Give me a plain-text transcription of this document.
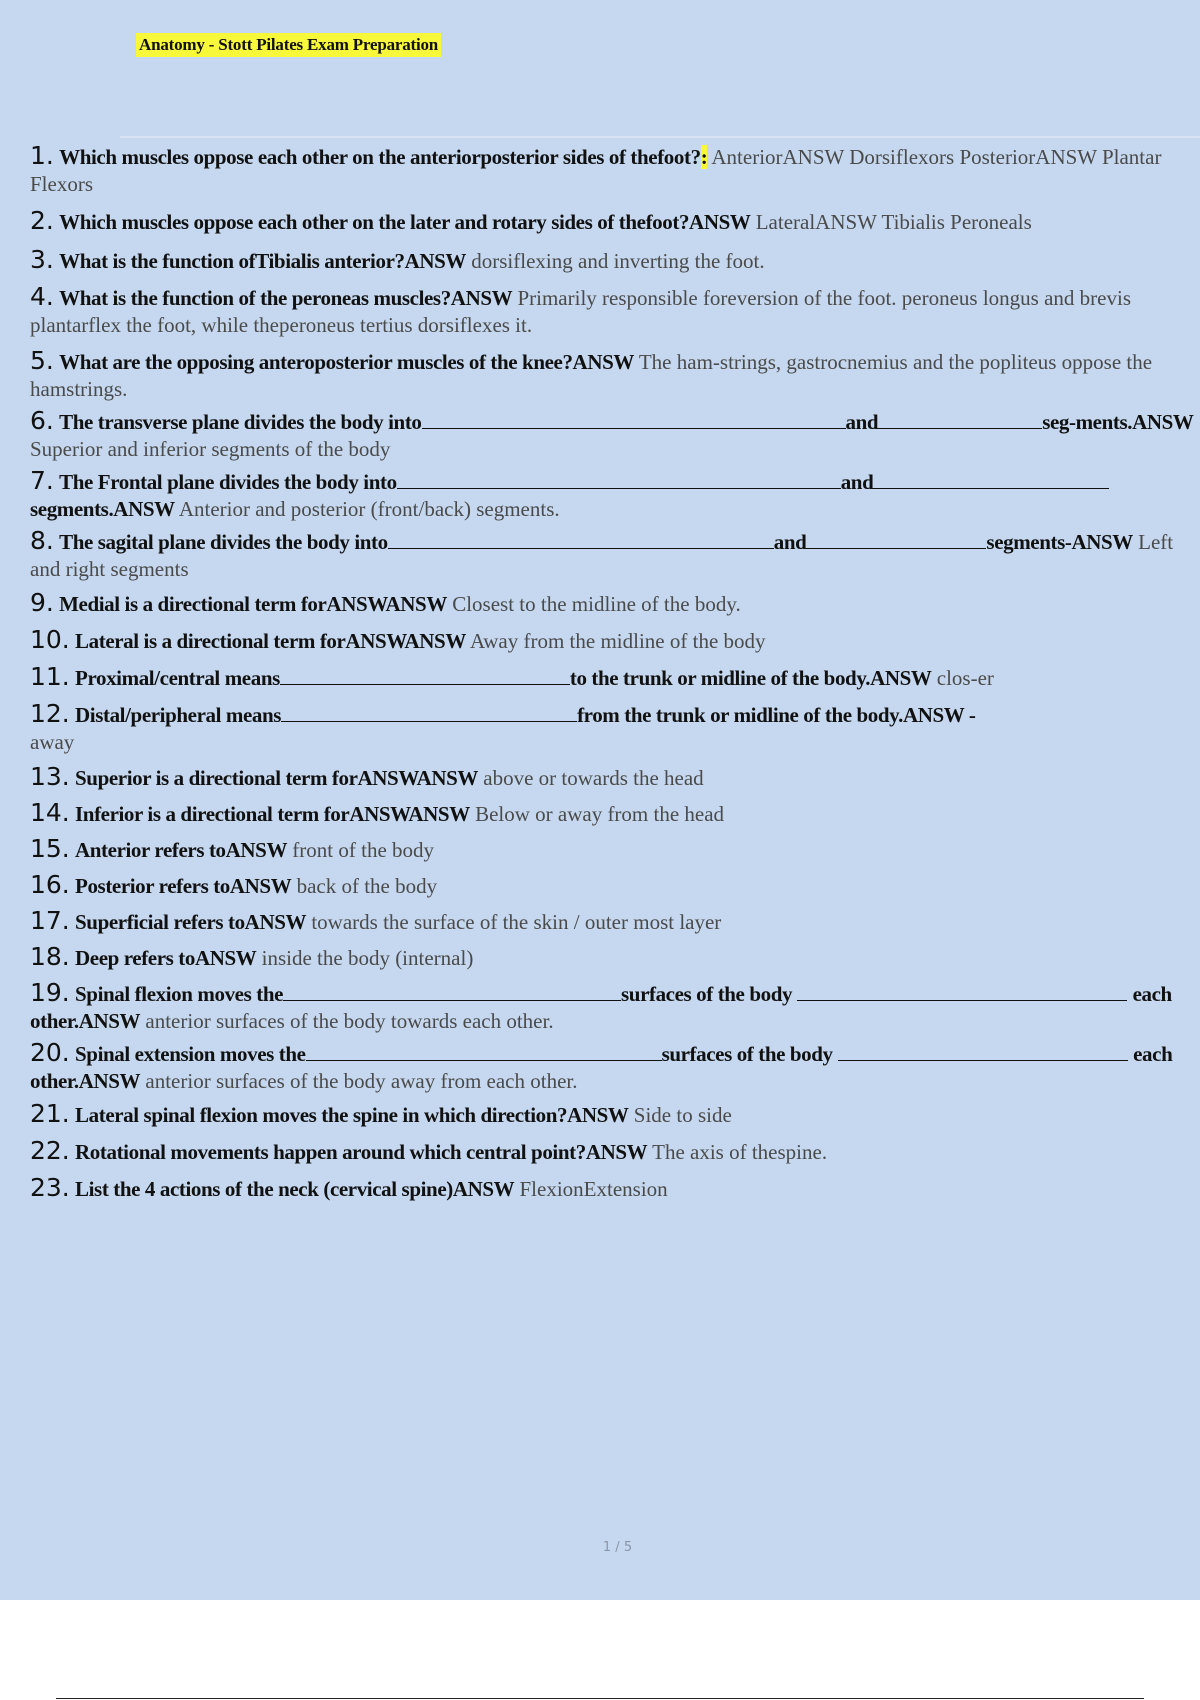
Anatomy - Stott Pilates Exam Preparation

1. Which muscles oppose each other on the anteriorposterior sides of thefoot?: AnteriorANSW Dorsiflexors PosteriorANSW Plantar Flexors

2. Which muscles oppose each other on the later and rotary sides of thefoot?ANSW LateralANSW Tibialis Peroneals

3. What is the function ofTibialis anterior?ANSW dorsiflexing and inverting the foot.

4. What is the function of the peroneas muscles?ANSW Primarily responsible foreversion of the foot. peroneus longus and brevis plantarflex the foot, while theperoneus tertius dorsiflexes it.

5. What are the opposing anteroposterior muscles of the knee?ANSW The ham-strings, gastrocnemius and the popliteus oppose the hamstrings.

6. The transverse plane divides the body into	and	seg-ments.ANSW Superior and inferior segments of the body

7. The Frontal plane divides the body into	and segments.ANSW Anterior and posterior (front/back) segments.

8. The sagital plane divides the body into	and	segments-ANSW Left and right segments

9. Medial is a directional term forANSWANSW Closest to the midline of the body.

10. Lateral is a directional term forANSWANSW Away from the midline of the body

11. Proximal/central means	to the trunk or midline of the body.ANSW clos-er

12. Distal/peripheral means	from the trunk or midline of the body.ANSW -
away

13. Superior is a directional term forANSWANSW above or towards the head

14. Inferior is a directional term forANSWANSW Below or away from the head

15. Anterior refers toANSW front of the body

16. Posterior refers toANSW back of the body

17. Superficial refers toANSW towards the surface of the skin / outer most layer

18. Deep refers toANSW inside the body (internal)

19. Spinal flexion moves the	surfaces of the body	each other.ANSW anterior surfaces of the body towards each other.

20. Spinal extension moves the	surfaces of the body	each other.ANSW anterior surfaces of the body away from each other.

21. Lateral spinal flexion moves the spine in which direction?ANSW Side to side

22. Rotational movements happen around which central point?ANSW The axis of thespine.

23. List the 4 actions of the neck (cervical spine)ANSW FlexionExtension

1 / 5
